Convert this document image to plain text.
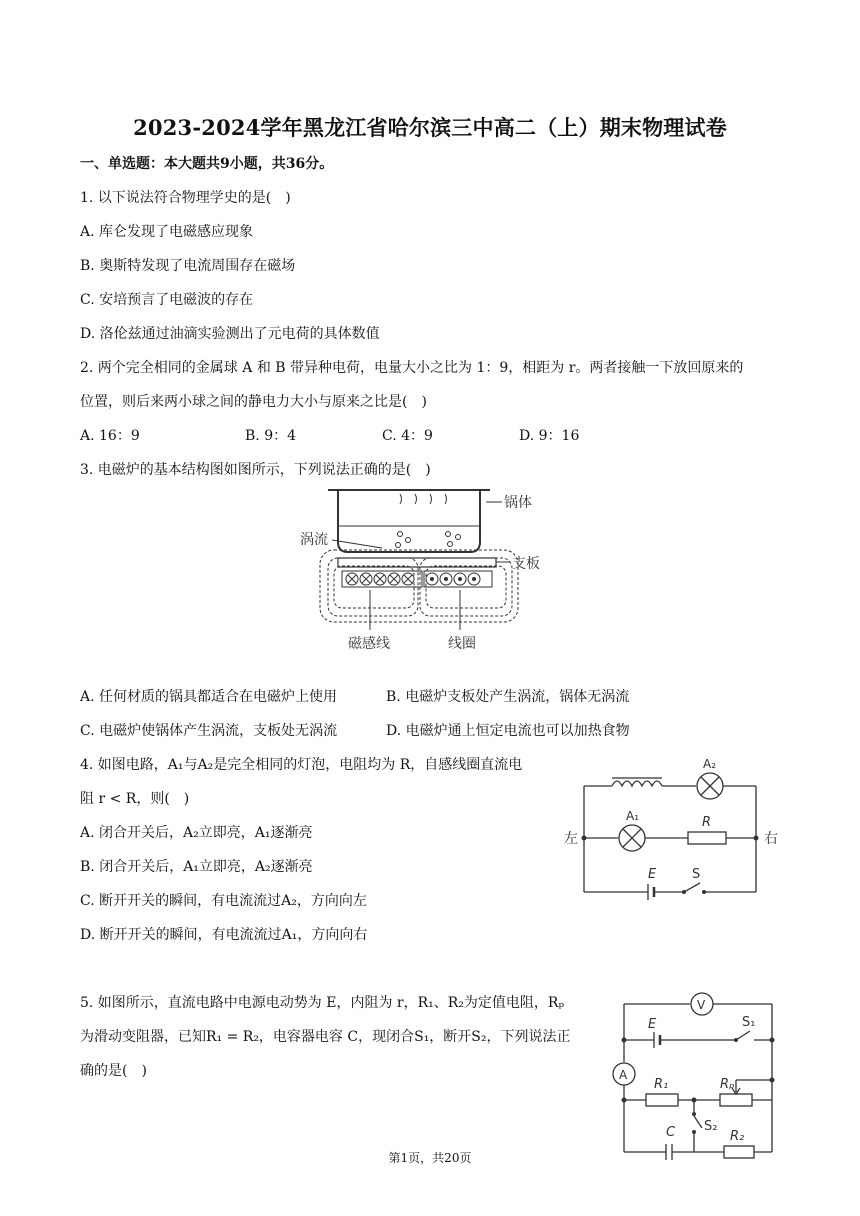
2023-2024学年黑龙江省哈尔滨三中高二（上）期末物理试卷
一、单选题：本大题共9小题，共36分。
1. 以下说法符合物理学史的是(　)
A. 库仑发现了电磁感应现象
B. 奥斯特发现了电流周围存在磁场
C. 安培预言了电磁波的存在
D. 洛伦兹通过油滴实验测出了元电荷的具体数值
2. 两个完全相同的金属球 A 和 B 带异种电荷，电量大小之比为 1：9，相距为 r。两者接触一下放回原来的
位置，则后来两小球之间的静电力大小与原来之比是(　)
A. 16：9	B. 9：4	C. 4：9	D. 9：16
3. 电磁炉的基本结构图如图所示，下列说法正确的是(　)
锅体
支板
涡流
磁感线	线圈
A. 任何材质的锅具都适合在电磁炉上使用	B. 电磁炉支板处产生涡流，锅体无涡流
C. 电磁炉使锅体产生涡流，支板处无涡流	D. 电磁炉通上恒定电流也可以加热食物
4. 如图电路，A₁与A₂是完全相同的灯泡，电阻均为 R，自感线圈直流电
阻 r < R，则(　)
A. 闭合开关后，A₂立即亮，A₁逐渐亮
B. 闭合开关后，A₁立即亮，A₂逐渐亮
C. 断开开关的瞬间，有电流流过A₂，方向向左
D. 断开开关的瞬间，有电流流过A₁，方向向右
A₂
A₁	R
左	右
E	S
5. 如图所示，直流电路中电源电动势为 E，内阻为 r，R₁、R₂为定值电阻，Rₚ
为滑动变阻器，已知R₁ = R₂，电容器电容 C，现闭合S₁，断开S₂，下列说法正
确的是(　)
V
A
E	S₁
R₁	Rₚ
S₂
C	R₂
第1页，共20页
